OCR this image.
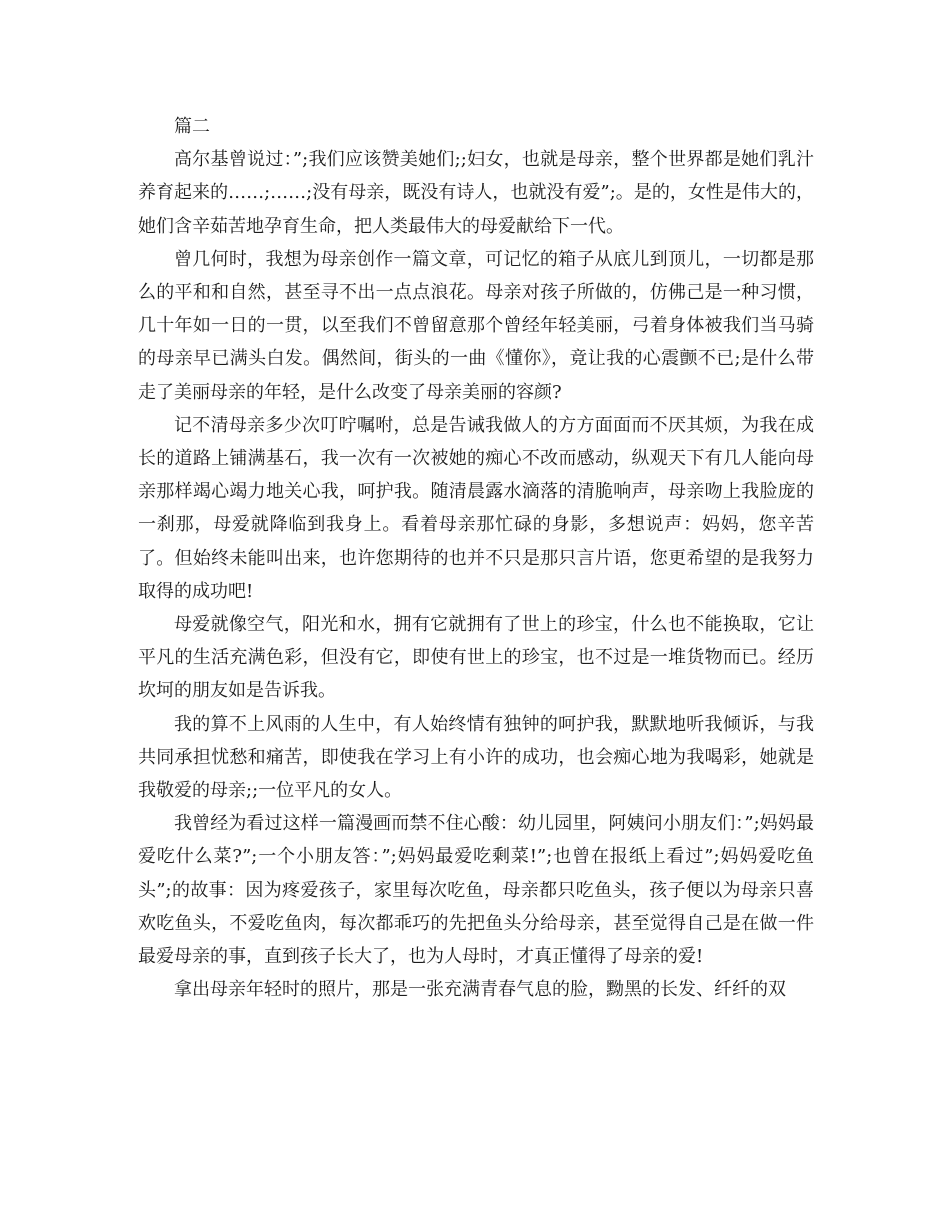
篇二

高尔基曾说过：”;我们应该赞美她们;;妇女，也就是母亲，整个世界都是她们乳汁养育起来的……;……;没有母亲，既没有诗人，也就没有爱”;。是的，女性是伟大的，她们含辛茹苦地孕育生命，把人类最伟大的母爱献给下一代。

曾几何时，我想为母亲创作一篇文章，可记忆的箱子从底儿到顶儿，一切都是那么的平和和自然，甚至寻不出一点点浪花。母亲对孩子所做的，仿佛己是一种习惯，几十年如一日的一贯，以至我们不曾留意那个曾经年轻美丽，弓着身体被我们当马骑的母亲早已满头白发。偶然间，街头的一曲《懂你》，竟让我的心震颤不已;是什么带走了美丽母亲的年轻，是什么改变了母亲美丽的容颜?

记不清母亲多少次叮咛嘱咐，总是告诫我做人的方方面面而不厌其烦，为我在成长的道路上铺满基石，我一次有一次被她的痴心不改而感动，纵观天下有几人能向母亲那样竭心竭力地关心我，呵护我。随清晨露水滴落的清脆响声，母亲吻上我脸庞的一刹那，母爱就降临到我身上。看着母亲那忙碌的身影，多想说声：妈妈，您辛苦了。但始终未能叫出来，也许您期待的也并不只是那只言片语，您更希望的是我努力取得的成功吧!

母爱就像空气，阳光和水，拥有它就拥有了世上的珍宝，什么也不能换取，它让平凡的生活充满色彩，但没有它，即使有世上的珍宝，也不过是一堆货物而已。经历坎坷的朋友如是告诉我。

我的算不上风雨的人生中，有人始终情有独钟的呵护我，默默地听我倾诉，与我共同承担忧愁和痛苦，即使我在学习上有小许的成功，也会痴心地为我喝彩，她就是我敬爱的母亲;;一位平凡的女人。

我曾经为看过这样一篇漫画而禁不住心酸：幼儿园里，阿姨问小朋友们：”;妈妈最爱吃什么菜?”;一个小朋友答：”;妈妈最爱吃剩菜!”;也曾在报纸上看过”;妈妈爱吃鱼头”;的故事：因为疼爱孩子，家里每次吃鱼，母亲都只吃鱼头，孩子便以为母亲只喜欢吃鱼头，不爱吃鱼肉，每次都乖巧的先把鱼头分给母亲，甚至觉得自己是在做一件最爱母亲的事，直到孩子长大了，也为人母时，才真正懂得了母亲的爱!

拿出母亲年轻时的照片，那是一张充满青春气息的脸，黝黑的长发、纤纤的双
